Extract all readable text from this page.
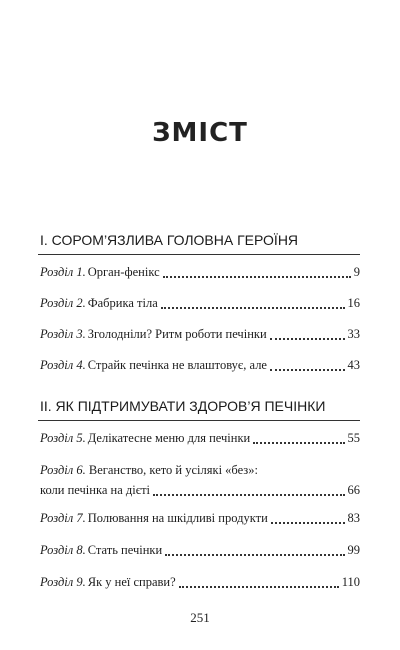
ЗМІСТ
I. СОРОМ’ЯЗЛИВА ГОЛОВНА ГЕРОЇНЯ
Розділ 1. Орган-фенікс	9
Розділ 2. Фабрика тіла	16
Розділ 3. Зголодніли? Ритм роботи печінки	33
Розділ 4. Страйк печінка не влаштовує, але	43
II. ЯК ПІДТРИМУВАТИ ЗДОРОВ’Я ПЕЧІНКИ
Розділ 5. Делікатесне меню для печінки	55
Розділ 6. Веганство, кето й усілякі «без»:
коли печінка на дієті	66
Розділ 7. Полювання на шкідливі продукти	83
Розділ 8. Стать печінки	99
Розділ 9. Як у неї справи?	110
251
